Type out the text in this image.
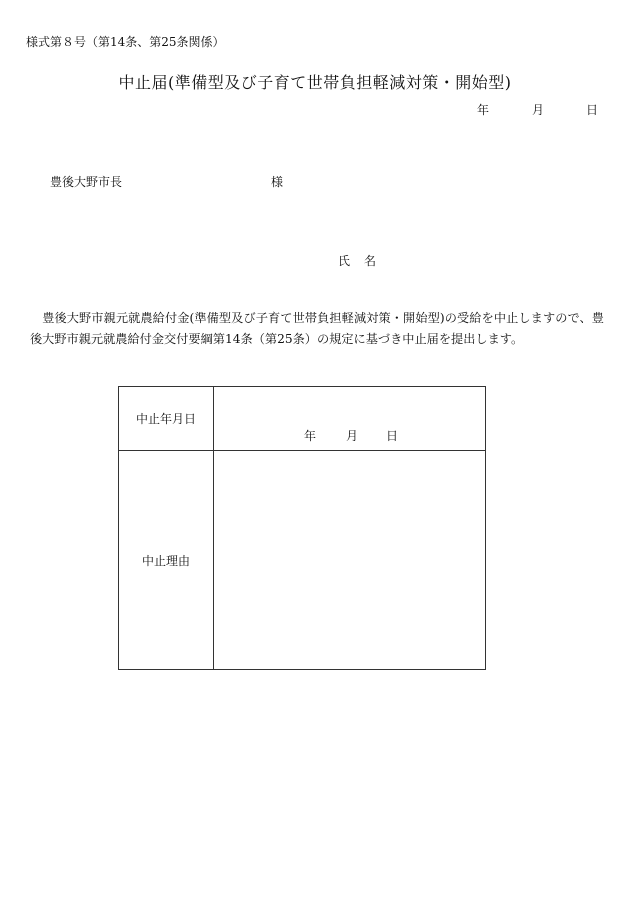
様式第８号（第14条、第25条関係）
中止届(準備型及び子育て世帯負担軽減対策・開始型)
年	月	日
豊後大野市長	様
氏名
豊後大野市親元就農給付金(準備型及び子育て世帯負担軽減対策・開始型)の受給を中止しますので、豊後大野市親元就農給付金交付要綱第14条（第25条）の規定に基づき中止届を提出します。
中止年月日	年 月 日

中止理由	
